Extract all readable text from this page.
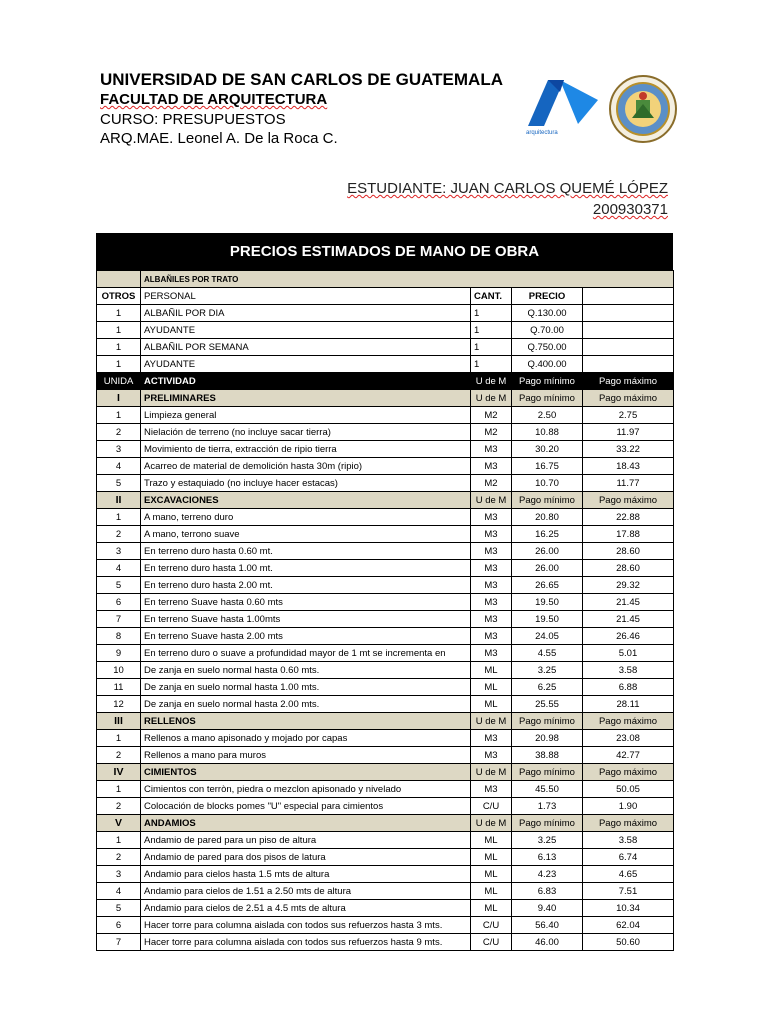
UNIVERSIDAD DE SAN CARLOS DE GUATEMALA
FACULTAD DE ARQUITECTURA
CURSO: PRESUPUESTOS
ARQ.MAE. Leonel A. De la Roca C.	arquitectura
ESTUDIANTE: JUAN CARLOS QUEMÉ LÓPEZ
200930371
PRECIOS ESTIMADOS DE MANO DE OBRA
	ALBAÑILES POR TRATO			
OTROS	PERSONAL	CANT.	PRECIO	
1	ALBAÑIL POR DIA	1	Q.130.00	
1	AYUDANTE	1	Q.70.00	
1	ALBAÑIL POR SEMANA	1	Q.750.00	
1	AYUDANTE	1	Q.400.00	
UNIDA	ACTIVIDAD	U de M	Pago mínimo	Pago máximo
I	PRELIMINARES	U de M	Pago mínimo	Pago máximo
1	Limpieza general	M2	2.50	2.75
2	Nielación de terreno (no incluye sacar tierra)	M2	10.88	11.97
3	Movimiento de tierra, extracción de ripio tierra	M3	30.20	33.22
4	Acarreo de material de demolición hasta 30m (ripio)	M3	16.75	18.43
5	Trazo y estaquiado (no incluye hacer estacas)	M2	10.70	11.77
II	EXCAVACIONES	U de M	Pago mínimo	Pago máximo
1	A mano, terreno duro	M3	20.80	22.88
2	A mano, terrono suave	M3	16.25	17.88
3	En terreno duro hasta 0.60 mt.	M3	26.00	28.60
4	En terreno duro hasta 1.00 mt.	M3	26.00	28.60
5	En terreno duro hasta 2.00 mt.	M3	26.65	29.32
6	En terreno Suave hasta 0.60 mts	M3	19.50	21.45
7	En terreno Suave hasta 1.00mts	M3	19.50	21.45
8	En terreno Suave hasta 2.00 mts	M3	24.05	26.46
9	En terreno duro o suave a profundidad mayor de 1 mt se incrementa en	M3	4.55	5.01
10	De zanja en suelo normal hasta 0.60 mts.	ML	3.25	3.58
11	De zanja en suelo normal hasta 1.00 mts.	ML	6.25	6.88
12	De zanja en suelo normal hasta 2.00 mts.	ML	25.55	28.11
III	RELLENOS	U de M	Pago mínimo	Pago máximo
1	Rellenos a mano apisonado y mojado por capas	M3	20.98	23.08
2	Rellenos a mano para muros	M3	38.88	42.77
IV	CIMIENTOS	U de M	Pago mínimo	Pago máximo
1	Cimientos con terròn, piedra o mezclon apisonado y nivelado	M3	45.50	50.05
2	Colocación de blocks pomes "U" especial para cimientos	C/U	1.73	1.90
V	ANDAMIOS	U de M	Pago mínimo	Pago máximo
1	Andamio de pared para un piso de altura	ML	3.25	3.58
2	Andamio de pared para dos pisos de latura	ML	6.13	6.74
3	Andamio para cielos hasta 1.5 mts de altura	ML	4.23	4.65
4	Andamio para cielos de 1.51 a 2.50 mts de altura	ML	6.83	7.51
5	Andamio para cielos de 2.51 a 4.5 mts de altura	ML	9.40	10.34
6	Hacer torre para columna aislada con todos sus refuerzos hasta 3 mts.	C/U	56.40	62.04
7	Hacer torre para columna aislada con todos sus refuerzos hasta 9 mts.	C/U	46.00	50.60
